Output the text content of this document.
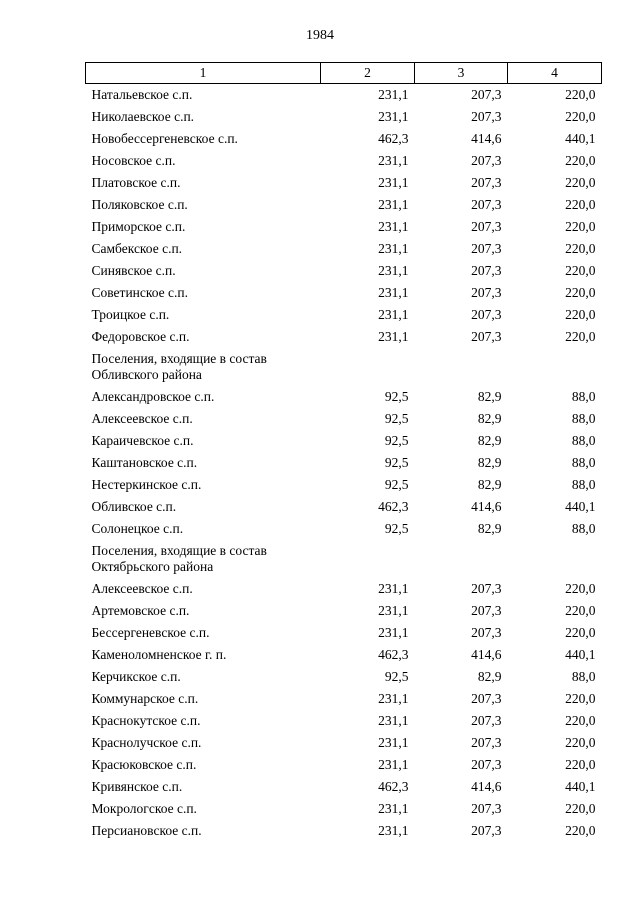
1984
1	2	3	4
Натальевское с.п.	231,1	207,3	220,0
Николаевское с.п.	231,1	207,3	220,0
Новобессергеневское с.п.	462,3	414,6	440,1
Носовское с.п.	231,1	207,3	220,0
Платовское с.п.	231,1	207,3	220,0
Поляковское с.п.	231,1	207,3	220,0
Приморское с.п.	231,1	207,3	220,0
Самбекское с.п.	231,1	207,3	220,0
Синявское с.п.	231,1	207,3	220,0
Советинское с.п.	231,1	207,3	220,0
Троицкое с.п.	231,1	207,3	220,0
Федоровское с.п.	231,1	207,3	220,0
Поселения, входящие в состав Обливского района			
Александровское с.п.	92,5	82,9	88,0
Алексеевское с.п.	92,5	82,9	88,0
Караичевское с.п.	92,5	82,9	88,0
Каштановское с.п.	92,5	82,9	88,0
Нестеркинское с.п.	92,5	82,9	88,0
Обливское с.п.	462,3	414,6	440,1
Солонецкое с.п.	92,5	82,9	88,0
Поселения, входящие в состав Октябрьского района			
Алексеевское с.п.	231,1	207,3	220,0
Артемовское с.п.	231,1	207,3	220,0
Бессергеневское с.п.	231,1	207,3	220,0
Каменоломненское г. п.	462,3	414,6	440,1
Керчикское с.п.	92,5	82,9	88,0
Коммунарское с.п.	231,1	207,3	220,0
Краснокутское с.п.	231,1	207,3	220,0
Краснолучское с.п.	231,1	207,3	220,0
Красюковское с.п.	231,1	207,3	220,0
Кривянское с.п.	462,3	414,6	440,1
Мокрологское с.п.	231,1	207,3	220,0
Персиановское с.п.	231,1	207,3	220,0
